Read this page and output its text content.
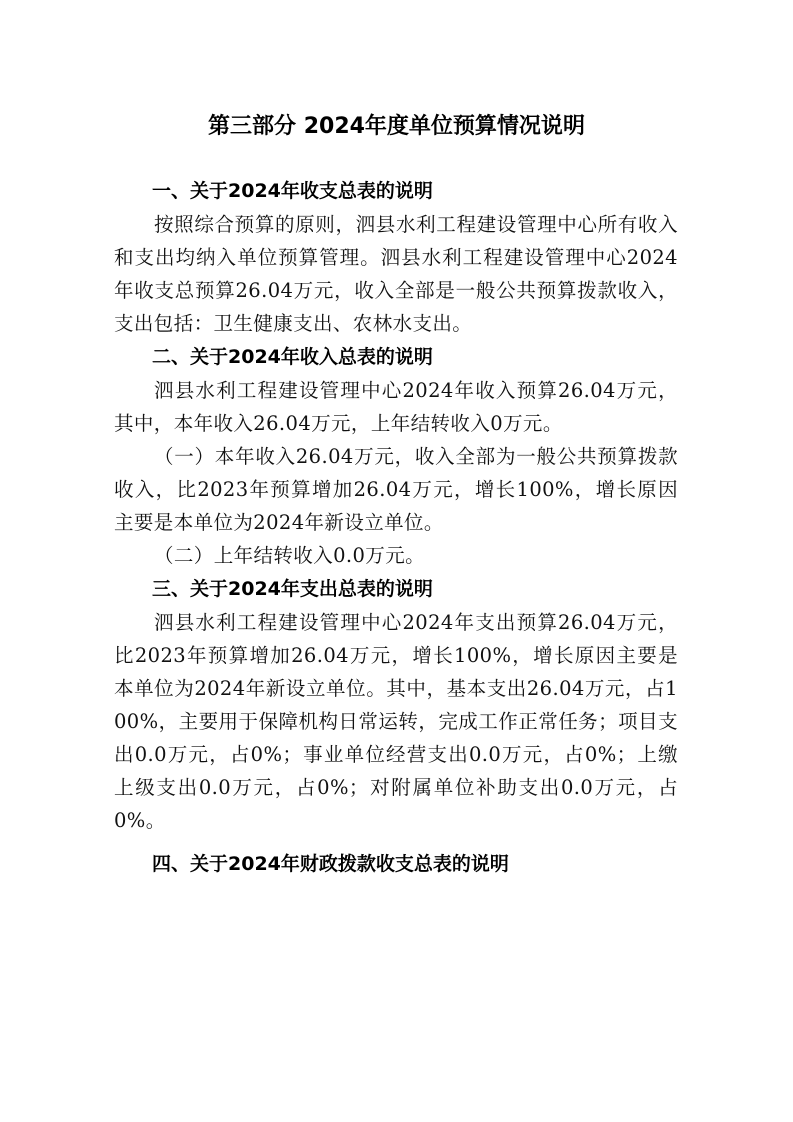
第三部分 2024年度单位预算情况说明
一、关于2024年收支总表的说明

按照综合预算的原则，泗县水利工程建设管理中心所有收入和支出均纳入单位预算管理。泗县水利工程建设管理中心2024年收支总预算26.04万元，收入全部是一般公共预算拨款收入，支出包括：卫生健康支出、农林水支出。

二、关于2024年收入总表的说明

泗县水利工程建设管理中心2024年收入预算26.04万元，其中，本年收入26.04万元，上年结转收入0万元。

（一）本年收入26.04万元，收入全部为一般公共预算拨款收入，比2023年预算增加26.04万元，增长100%，增长原因主要是本单位为2024年新设立单位。

（二）上年结转收入0.0万元。

三、关于2024年支出总表的说明

泗县水利工程建设管理中心2024年支出预算26.04万元，比2023年预算增加26.04万元，增长100%，增长原因主要是本单位为2024年新设立单位。其中，基本支出26.04万元，占100%，主要用于保障机构日常运转，完成工作正常任务；项目支出0.0万元，占0%；事业单位经营支出0.0万元，占0%；上缴上级支出0.0万元，占0%；对附属单位补助支出0.0万元，占0%。

四、关于2024年财政拨款收支总表的说明
